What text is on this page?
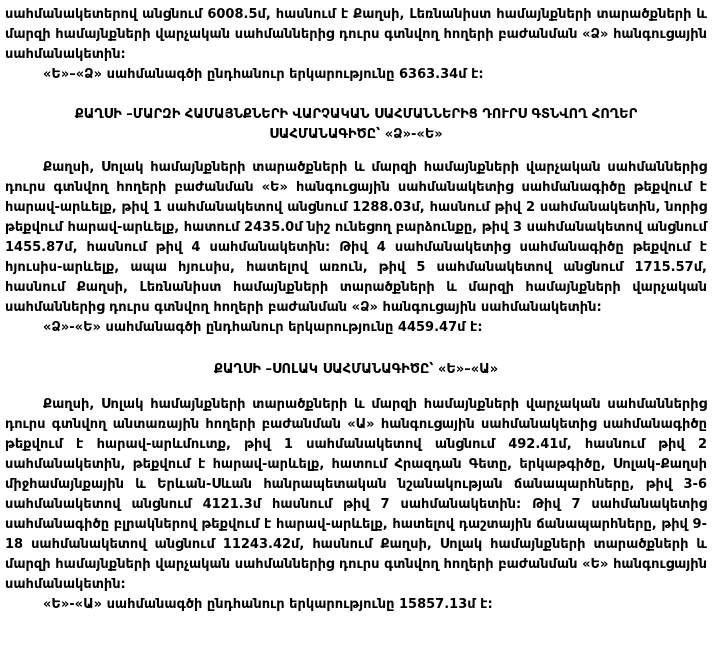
սահմանակետերով անցնում 6008.5մ, հասնում է Քաղսի, Լեռնանիստ համայնքների տարածքների և մարզի համայնքների վարչական սահմաններից դուրս գտնվող հողերի բաժանման «Ձ» հանգուցային սահմանակետին:

«Ե»–«Ձ» սահմանագծի ընդհանուր երկարությունը 6363.34մ է:

ՔԱՂՍԻ –ՄԱՐԶԻ ՀԱՄԱՅՆՔՆԵՐԻ ՎԱՐՉԱԿԱՆ ՍԱՀՄԱՆՆԵՐԻՑ ԴՈՒՐՍ ԳՏՆՎՈՂ ՀՈՂԵՐ
ՍԱՀՄԱՆԱԳԻԾԸ՝ «Ձ»-«Ե»

Քաղսի, Սոլակ համայնքների տարածքների և մարզի համայնքների վարչական սահմաններից դուրս գտնվող հողերի բաժանման «Ե» հանգուցային սահմանակետից սահմանագիծը թեքվում է հարավ-արևելք, թիվ 1 սահմանակետով անցնում 1288.03մ, հասնում թիվ 2 սահմանակետին, նորից թեքվում հարավ-արևելք, հատում 2435.0մ նիշ ունեցող բարձունքը, թիվ 3 սահմանակետով անցնում 1455.87մ, հասնում թիվ 4 սահմանակետին: Թիվ 4 սահմանակետից սահմանագիծը թեքվում է հյուսիս-արևելք, ապա հյուսիս, հատելով առուն, թիվ 5 սահմանակետով անցնում 1715.57մ, հասնում Քաղսի, Լեռնանիստ համայնքների տարածքների և մարզի համայնքների վարչական սահմաններից դուրս գտնվող հողերի բաժանման «Ձ» հանգուցային սահմանակետին:

«Ձ»-«Ե» սահմանագծի ընդհանուր երկարությունը 4459.47մ է:

ՔԱՂՍԻ –ՍՈԼԱԿ ՍԱՀՄԱՆԱԳԻԾԸ՝ «Ե»–«Ա»

Քաղսի, Սոլակ համայնքների տարածքների և մարզի համայնքների վարչական սահմաններից դուրս գտնվող անտառային հողերի բաժանման «Ա» հանգուցային սահմանակետից սահմանագիծը թեքվում է հարավ-արևմուտք, թիվ 1 սահմանակետով անցնում 492.41մ, հասնում թիվ 2 սահմանակետին, թեքվում է հարավ-արևելք, հատում Հրազդան Գետը, երկաթգիծը, Սոլակ-Քաղսի միջհամայնքային և Երևան-Սևան հանրապետական նշանակության ճանապարհները, թիվ 3-6 սահմանակետով անցնում 4121.3մ հասնում թիվ 7 սահմանակետին: Թիվ 7 սահմանակետից սահմանագիծը բլրակներով թեքվում է հարավ-արևելք, հատելով դաշտային ճանապարհները, թիվ 9-18 սահմանակետով անցնում 11243.42մ, հասնում Քաղսի, Սոլակ համայնքների տարածքների և մարզի համայնքների վարչական սահմաններից դուրս գտնվող հողերի բաժանման «Ե» հանգուցային սահմանակետին:

«Ե»-«Ա» սահմանագծի ընդհանուր երկարությունը 15857.13մ է:
